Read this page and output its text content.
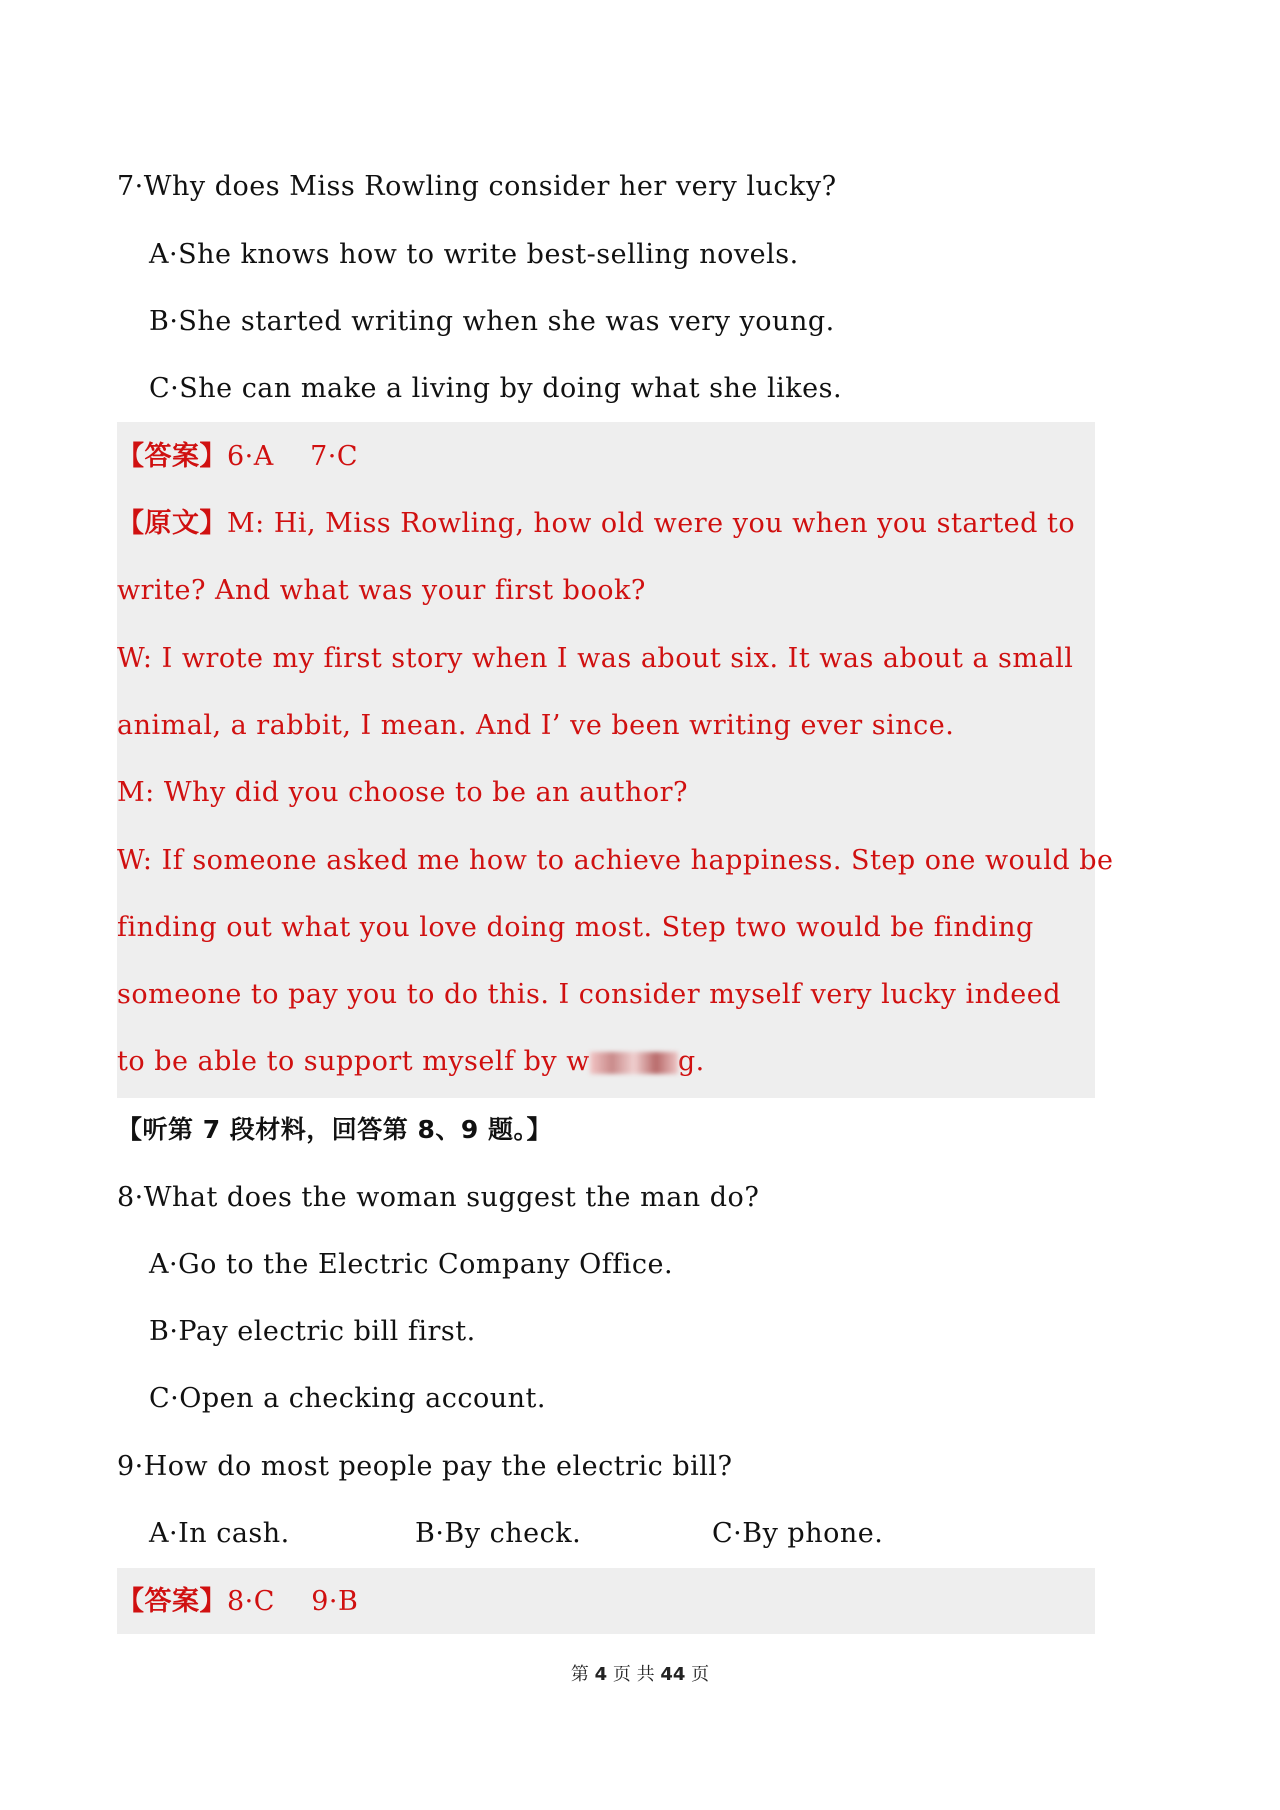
7·Why does Miss Rowling consider her very lucky?
A·She knows how to write best-selling novels.
B·She started writing when she was very young.
C·She can make a living by doing what she likes.
【答案】6·A    7·C
【原文】M: Hi, Miss Rowling, how old were you when you started to
write? And what was your first book?
W: I wrote my first story when I was about six. It was about a small
animal, a rabbit, I mean. And I’ ve been writing ever since.
M: Why did you choose to be an author?
W: If someone asked me how to achieve happiness. Step one would be
finding out what you love doing most. Step two would be finding
someone to pay you to do this. I consider myself very lucky indeed
to be able to support myself by w	g.
【听第 7 段材料，回答第 8、9 题。】
8·What does the woman suggest the man do?
A·Go to the Electric Company Office.
B·Pay electric bill first.
C·Open a checking account.
9·How do most people pay the electric bill?
A·In cash.	B·By check.	C·By phone.
【答案】8·C    9·B
第 4 页 共 44 页
